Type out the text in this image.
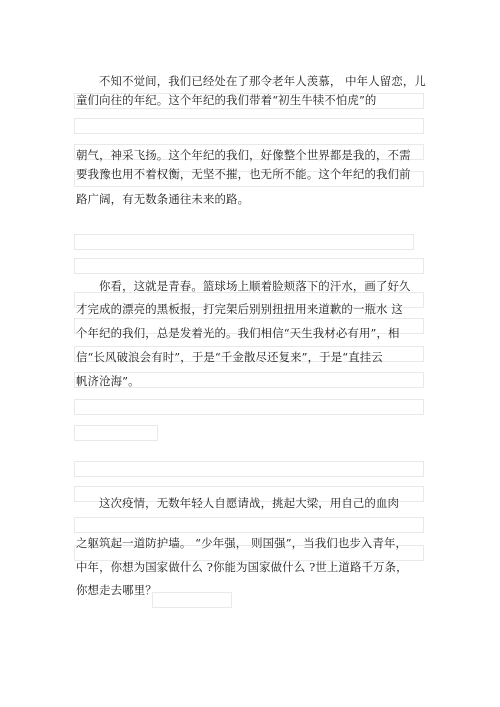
不知不觉间，我们已经处在了那令老年人羡慕， 中年人留恋，儿
童们向往的年纪。这个年纪的我们带着“初生牛犊不怕虎”的
朝气，神采飞扬。这个年纪的我们，好像整个世界都是我的，不需
要我豫也用不着权衡，无坚不摧，也无所不能。这个年纪的我们前
路广阔，有无数条通往未来的路。
你看，这就是青春。篮球场上顺着脸颊落下的汗水，画了好久
才完成的漂亮的黑板报，打完架后别别扭扭用来道歉的一瓶水 这
个年纪的我们，总是发着光的。我们相信“天生我材必有用”，相
信“长风破浪会有时”，于是“千金散尽还复来”，于是“直挂云
帆济沧海”。
这次疫情，无数年轻人自愿请战，挑起大梁，用自己的血肉
之躯筑起一道防护墙。 “少年强， 则国强”，当我们也步入青年，
中年，你想为国家做什么 ?你能为国家做什么 ?世上道路千万条，
你想走去哪里？
